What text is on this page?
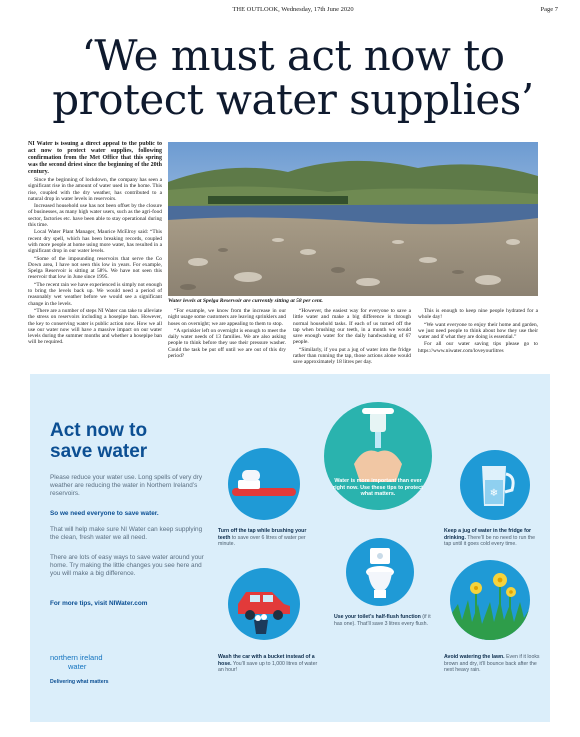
THE OUTLOOK, Wednesday, 17th June 2020	Page 7
‘We must act now to
protect water supplies’

NI Water is issuing a direct appeal to the public to act now to protect water supplies, following confirmation from the Met Office that this spring was the second driest since the beginning of the 20th century.

Since the beginning of lockdown, the company has seen a significant rise in the amount of water used in the home. This rise, coupled with the dry weather, has contributed to a natural drop in water levels in reservoirs.

Increased household use has not been offset by the closure of businesses, as many high water users, such as the agri-food sector, factories etc. have been able to stay operational during this time.

Local Water Plant Manager, Maurice McElroy said: “This recent dry spell, which has been breaking records, coupled with more people at home using more water, has resulted in a significant drop in our water levels.

“Some of the impounding reservoirs that serve the Co Down area, I have not seen this low in years. For example, Spelga Reservoir is sitting at 58%. We have not seen this reservoir that low in June since 1995.

“The recent rain we have experienced is simply not enough to bring the levels back up. We would need a period of reasonably wet weather before we would see a significant change in the levels.

“There are a number of steps NI Water can take to alleviate the stress on reservoirs including a hosepipe ban. However, the key to conserving water is public action now. How we all use our water now will have a massive impact on our water levels during the summer months and whether a hosepipe ban will be required.

Water levels at Spelga Reservoir are currently sitting at 58 per cent.

“For example, we know from the increase in our night usage some customers are leaving sprinklers and hoses on overnight; we are appealing to them to stop.

“A sprinkler left on overnight is enough to meet the daily water needs of 13 families. We are also asking people to think before they use their pressure washer. Could the task be put off until we are out of this dry period?

“However, the easiest way for everyone to save a little water and make a big difference is through normal household tasks. If each of us turned off the tap when brushing our teeth, in a month we would save enough water for the daily handwashing of 67 people.

“Similarly, if you put a jug of water into the fridge rather than running the tap, those actions alone would save approximately 18 litres per day.

This is enough to keep nine people hydrated for a whole day!

“We want everyone to enjoy their home and garden, we just need people to think about how they use their water and if what they are doing is essential.”

For all our water saving tips please go to https://www.niwater.com/loveyourlitres

Act now to
save water
Please reduce your water use. Long spells of very dry weather are reducing the water in Northern Ireland’s reservoirs.
So we need everyone to save water.
That will help make sure NI Water can keep supplying the clean, fresh water we all need.
There are lots of easy ways to save water around your home. Try making the little changes you see here and you will make a big difference.
For more tips, visit NIWater.com
northern ireland
water
Delivering what matters
Water is more important than ever right now. Use these tips to protect what matters.	❄
Turn off the tap while brushing your teeth to save over 6 litres of water per minute.
Keep a jug of water in the fridge for drinking. There’ll be no need to run the tap until it goes cold every time.
Use your toilet’s half-flush function (if it has one). That’ll save 3 litres every flush.
Wash the car with a bucket instead of a hose. You’ll save up to 1,000 litres of water an hour!
Avoid watering the lawn. Even if it looks brown and dry, it’ll bounce back after the next heavy rain.
